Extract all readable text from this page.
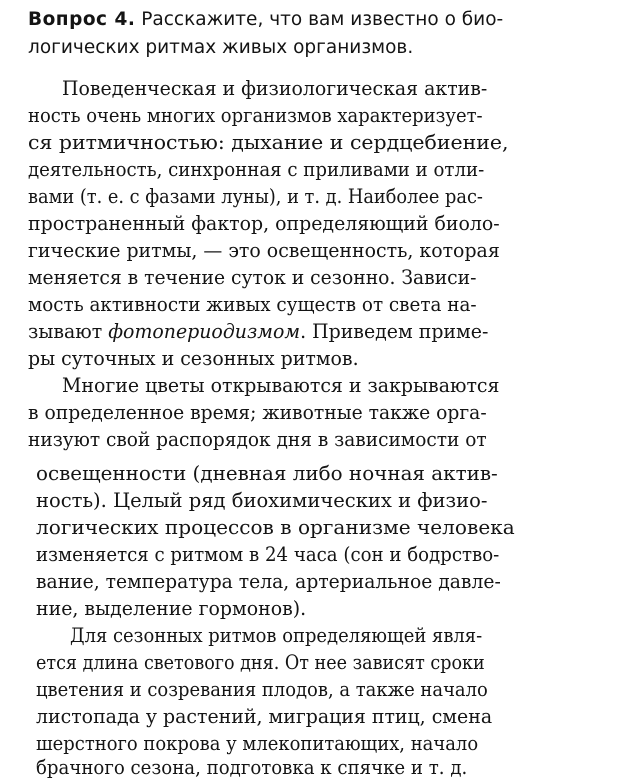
Вопрос 4. Расскажите, что вам известно о био-
логических ритмах живых организмов.
Поведенческая и физиологическая актив-
ность очень многих организмов характеризует-
ся ритмичностью: дыхание и сердцебиение,
деятельность, синхронная с приливами и отли-
вами (т. е. с фазами луны), и т. д. Наиболее рас-
пространенный фактор, определяющий биоло-
гические ритмы, — это освещенность, которая
меняется в течение суток и сезонно. Зависи-
мость активности живых существ от света на-
зывают фотопериодизмом. Приведем приме-
ры суточных и сезонных ритмов.
Многие цветы открываются и закрываются
в определенное время; животные также орга-
низуют свой распорядок дня в зависимости от
освещенности (дневная либо ночная актив-
ность). Целый ряд биохимических и физио-
логических процессов в организме человека
изменяется с ритмом в 24 часа (сон и бодрство-
вание, температура тела, артериальное давле-
ние, выделение гормонов).
Для сезонных ритмов определяющей явля-
ется длина светового дня. От нее зависят сроки
цветения и созревания плодов, а также начало
листопада у растений, миграция птиц, смена
шерстного покрова у млекопитающих, начало
брачного сезона, подготовка к спячке и т. д.
